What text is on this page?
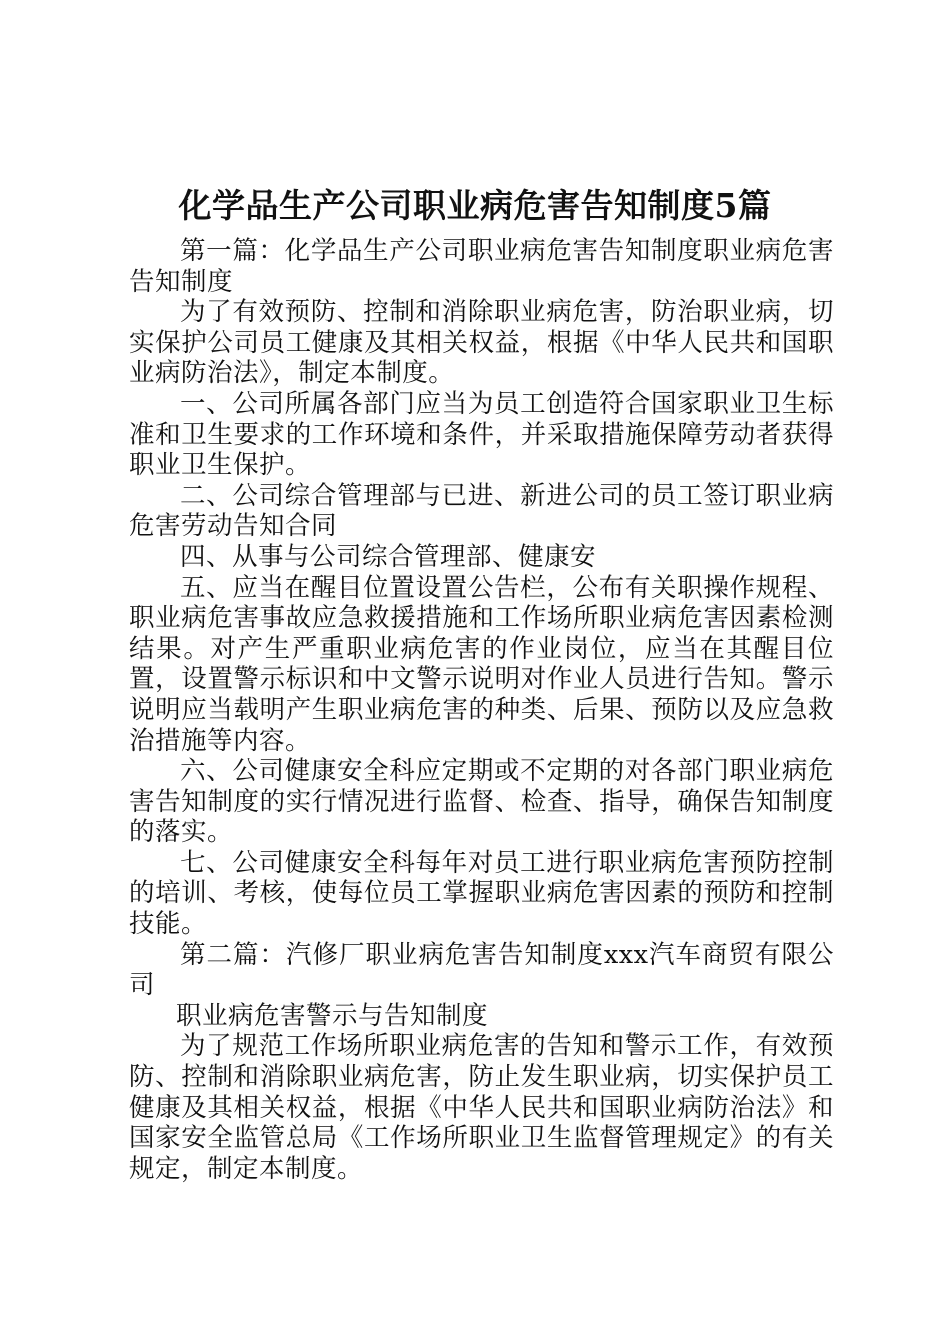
化学品生产公司职业病危害告知制度5篇

第一篇：化学品生产公司职业病危害告知制度职业病危害告知制度

为了有效预防、控制和消除职业病危害，防治职业病，切实保护公司员工健康及其相关权益，根据《中华人民共和国职业病防治法》，制定本制度。

一、公司所属各部门应当为员工创造符合国家职业卫生标准和卫生要求的工作环境和条件，并采取措施保障劳动者获得职业卫生保护。

二、公司综合管理部与已进、新进公司的员工签订职业病危害劳动告知合同

四、从事与公司综合管理部、健康安

五、应当在醒目位置设置公告栏，公布有关职操作规程、职业病危害事故应急救援措施和工作场所职业病危害因素检测结果。对产生严重职业病危害的作业岗位，应当在其醒目位置，设置警示标识和中文警示说明对作业人员进行告知。警示说明应当载明产生职业病危害的种类、后果、预防以及应急救治措施等内容。

六、公司健康安全科应定期或不定期的对各部门职业病危害告知制度的实行情况进行监督、检查、指导，确保告知制度的落实。

七、公司健康安全科每年对员工进行职业病危害预防控制的培训、考核，使每位员工掌握职业病危害因素的预防和控制技能。

第二篇：汽修厂职业病危害告知制度xxx汽车商贸有限公司

职业病危害警示与告知制度

为了规范工作场所职业病危害的告知和警示工作，有效预防、控制和消除职业病危害，防止发生职业病，切实保护员工健康及其相关权益，根据《中华人民共和国职业病防治法》和国家安全监管总局《工作场所职业卫生监督管理规定》的有关规定，制定本制度。
